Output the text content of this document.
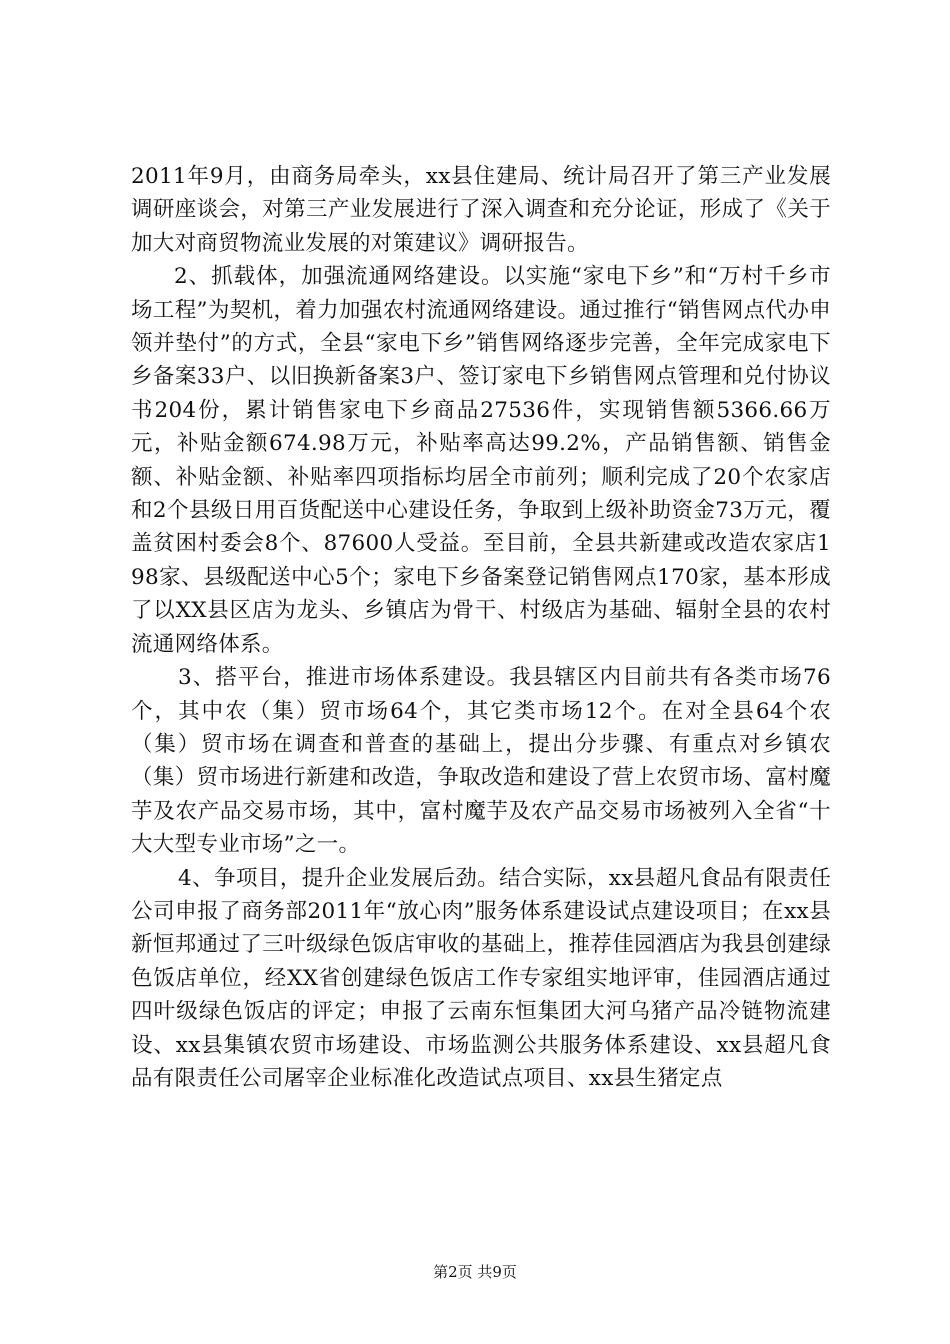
2011年9月，由商务局牵头，xx县住建局、统计局召开了第三产业发展调研座谈会，对第三产业发展进行了深入调查和充分论证，形成了《关于加大对商贸物流业发展的对策建议》调研报告。

2、抓载体，加强流通网络建设。以实施“家电下乡”和“万村千乡市场工程”为契机，着力加强农村流通网络建设。通过推行“销售网点代办申领并垫付”的方式，全县“家电下乡”销售网络逐步完善，全年完成家电下乡备案33户、以旧换新备案3户、签订家电下乡销售网点管理和兑付协议书204份，累计销售家电下乡商品27536件，实现销售额5366.66万元，补贴金额674.98万元，补贴率高达99.2%，产品销售额、销售金额、补贴金额、补贴率四项指标均居全市前列；顺利完成了20个农家店和2个县级日用百货配送中心建设任务，争取到上级补助资金73万元，覆盖贫困村委会8个、87600人受益。至目前，全县共新建或改造农家店198家、县级配送中心5个；家电下乡备案登记销售网点170家，基本形成了以XX县区店为龙头、乡镇店为骨干、村级店为基础、辐射全县的农村流通网络体系。

3、搭平台，推进市场体系建设。我县辖区内目前共有各类市场76个，其中农（集）贸市场64个，其它类市场12个。在对全县64个农（集）贸市场在调查和普查的基础上，提出分步骤、有重点对乡镇农（集）贸市场进行新建和改造，争取改造和建设了营上农贸市场、富村魔芋及农产品交易市场，其中，富村魔芋及农产品交易市场被列入全省“十大大型专业市场”之一。

4、争项目，提升企业发展后劲。结合实际，xx县超凡食品有限责任公司申报了商务部2011年“放心肉”服务体系建设试点建设项目；在xx县新恒邦通过了三叶级绿色饭店审收的基础上，推荐佳园酒店为我县创建绿色饭店单位，经XX省创建绿色饭店工作专家组实地评审，佳园酒店通过四叶级绿色饭店的评定；申报了云南东恒集团大河乌猪产品冷链物流建设、xx县集镇农贸市场建设、市场监测公共服务体系建设、xx县超凡食品有限责任公司屠宰企业标准化改造试点项目、xx县生猪定点

第2页 共9页
